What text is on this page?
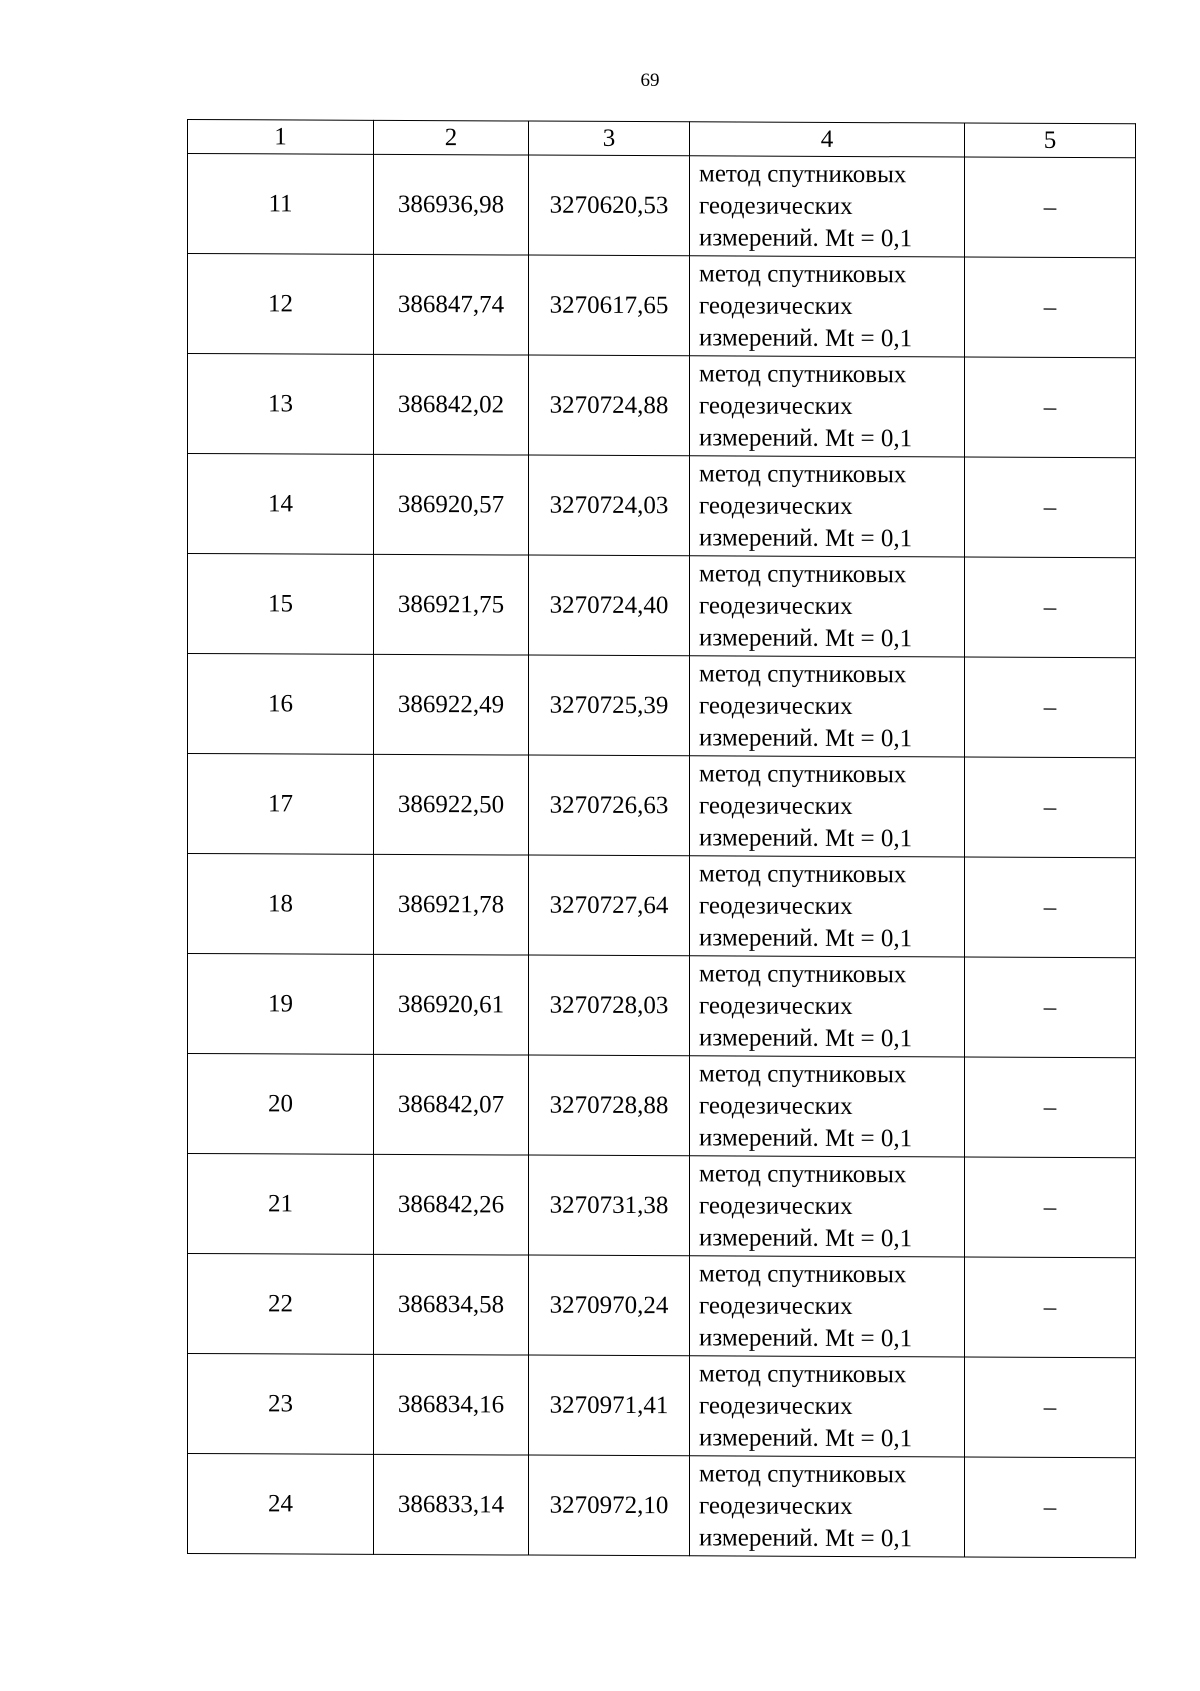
69
1	2	3	4	5
11	386936,98	3270620,53	метод спутниковых
геодезических
измерений. Mt = 0,1	–
12	386847,74	3270617,65	метод спутниковых
геодезических
измерений. Mt = 0,1	–
13	386842,02	3270724,88	метод спутниковых
геодезических
измерений. Mt = 0,1	–
14	386920,57	3270724,03	метод спутниковых
геодезических
измерений. Mt = 0,1	–
15	386921,75	3270724,40	метод спутниковых
геодезических
измерений. Mt = 0,1	–
16	386922,49	3270725,39	метод спутниковых
геодезических
измерений. Mt = 0,1	–
17	386922,50	3270726,63	метод спутниковых
геодезических
измерений. Mt = 0,1	–
18	386921,78	3270727,64	метод спутниковых
геодезических
измерений. Mt = 0,1	–
19	386920,61	3270728,03	метод спутниковых
геодезических
измерений. Mt = 0,1	–
20	386842,07	3270728,88	метод спутниковых
геодезических
измерений. Mt = 0,1	–
21	386842,26	3270731,38	метод спутниковых
геодезических
измерений. Mt = 0,1	–
22	386834,58	3270970,24	метод спутниковых
геодезических
измерений. Mt = 0,1	–
23	386834,16	3270971,41	метод спутниковых
геодезических
измерений. Mt = 0,1	–
24	386833,14	3270972,10	метод спутниковых
геодезических
измерений. Mt = 0,1	–
